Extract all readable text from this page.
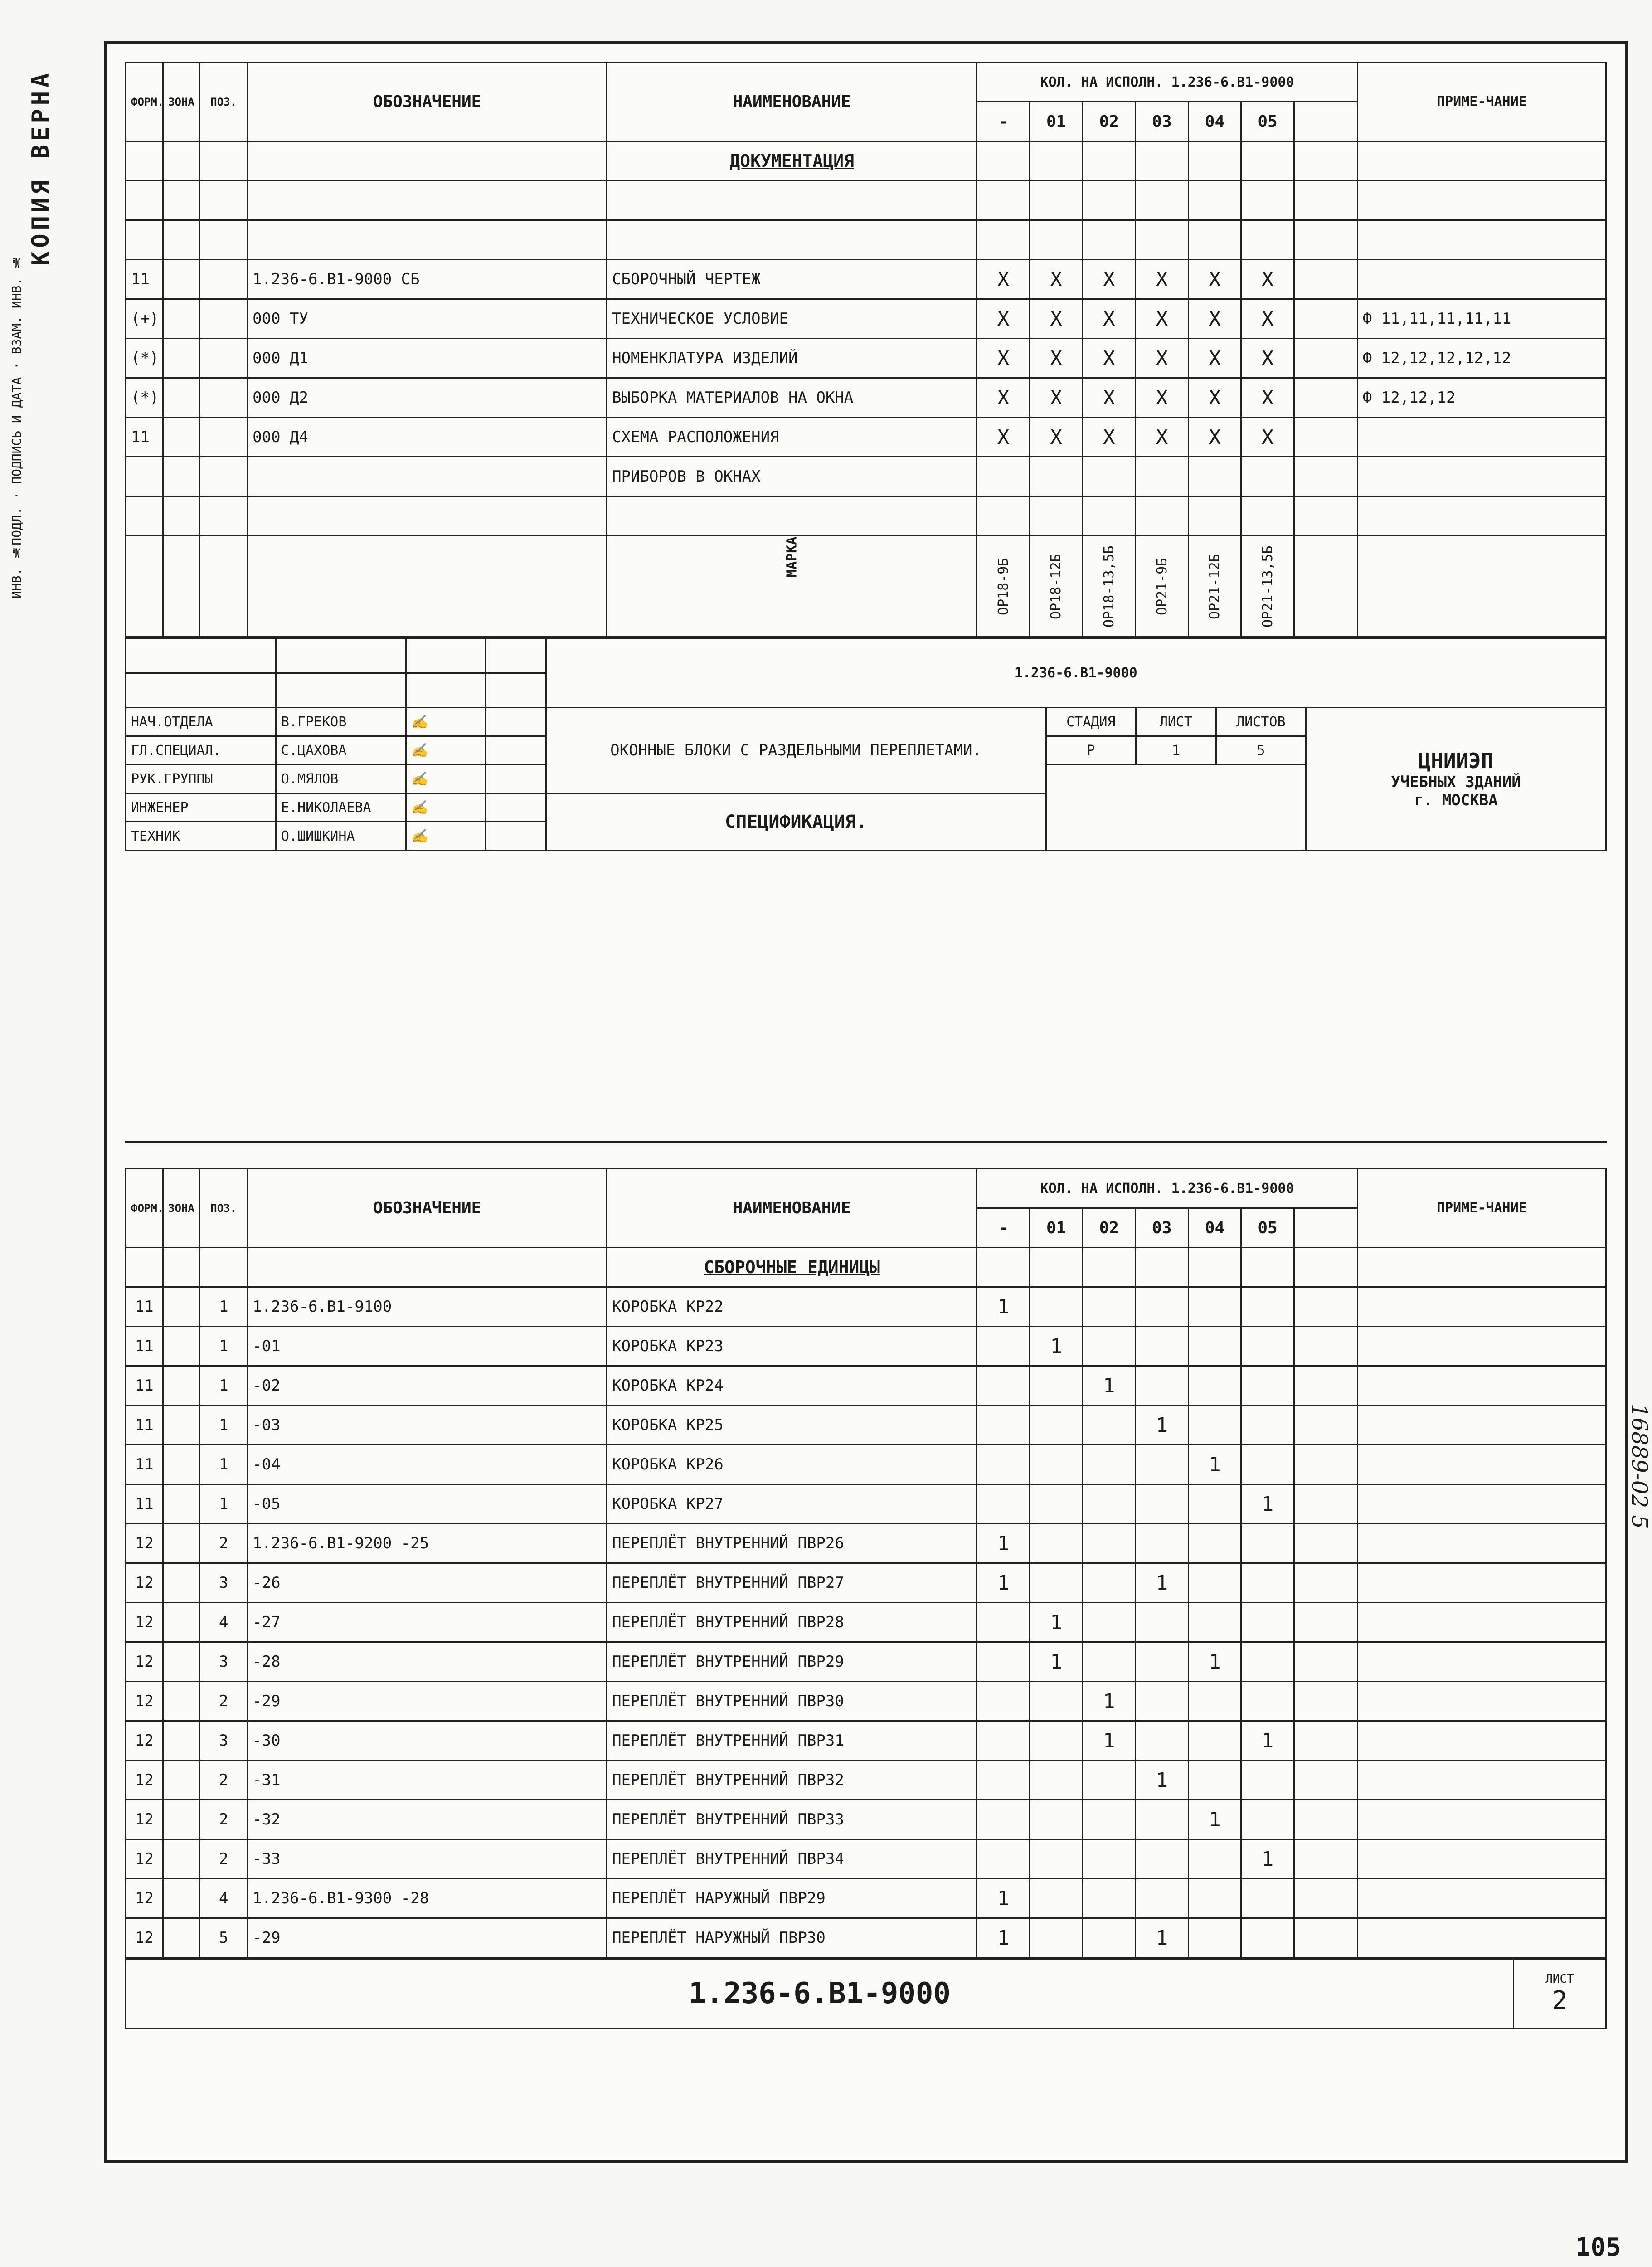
ИНВ. №ПОДЛ. · ПОДПИСЬ И ДАТА · ВЗАМ. ИНВ. №
КОПИЯ ВЕРНА	ФОРМ.	ЗОНА	ПОЗ.	ОБОЗНАЧЕНИЕ	НАИМЕНОВАНИЕ	КОЛ. НА ИСПОЛН. 1.236-6.В1-9000							ПРИМЕ-ЧАНИЕ
					-	01	02	03	04	05		
				ДОКУМЕНТАЦИЯ								

11			1.236-6.В1-9000 СБ	СБОРОЧНЫЙ ЧЕРТЕЖ	X	X	X	X	X	X		
(+)			000 ТУ	ТЕХНИЧЕСКОЕ УСЛОВИЕ	X	X	X	X	X	X		Ф 11,11,11,11,11
(*)			000 Д1	НОМЕНКЛАТУРА ИЗДЕЛИЙ	X	X	X	X	X	X		Ф 12,12,12,12,12
(*)			000 Д2	ВЫБОРКА МАТЕРИАЛОВ НА ОКНА	X	X	X	X	X	X		Ф 12,12,12
11			000 Д4	СХЕМА РАСПОЛОЖЕНИЯ	X	X	X	X	X	X		
				ПРИБОРОВ В ОКНАХ								

				МАРКА	ОР18-9Б	ОР18-12Б	ОР18-13,5Б	ОР21-9Б	ОР21-12Б	ОР21-13,5Б		
				1.236-6.В1-9000				

НАЧ.ОТДЕЛА	В.ГРЕКОВ	✍		ОКОННЫЕ БЛОКИ С РАЗДЕЛЬНЫМИ ПЕРЕПЛЕТАМИ.	СТАДИЯ	ЛИСТ	ЛИСТОВ	ЦНИИЭП
УЧЕБНЫХ ЗДАНИЙ
г. МОСКВА

ГЛ.СПЕЦИАЛ.	С.ЦАХОВА	✍			Р	1	5	
РУК.ГРУППЫ	О.МЯЛОВ	✍						
ИНЖЕНЕР	Е.НИКОЛАЕВА	✍		СПЕЦИФИКАЦИЯ.				
ТЕХНИК	О.ШИШКИНА	✍						
ФОРМ.	ЗОНА	ПОЗ.	ОБОЗНАЧЕНИЕ	НАИМЕНОВАНИЕ	КОЛ. НА ИСПОЛН. 1.236-6.В1-9000							ПРИМЕ-ЧАНИЕ
					-	01	02	03	04	05		
				СБОРОЧНЫЕ ЕДИНИЦЫ								
11		1	1.236-6.В1-9100	КОРОБКА КР22	1							
11		1	-01	КОРОБКА КР23		1						
11		1	-02	КОРОБКА КР24			1					
11		1	-03	КОРОБКА КР25				1				
11		1	-04	КОРОБКА КР26					1			
11		1	-05	КОРОБКА КР27						1		
12		2	1.236-6.В1-9200 -25	ПЕРЕПЛЁТ ВНУТРЕННИЙ ПВР26	1							
12		3	-26	ПЕРЕПЛЁТ ВНУТРЕННИЙ ПВР27	1			1				
12		4	-27	ПЕРЕПЛЁТ ВНУТРЕННИЙ ПВР28		1						
12		3	-28	ПЕРЕПЛЁТ ВНУТРЕННИЙ ПВР29		1			1			
12		2	-29	ПЕРЕПЛЁТ ВНУТРЕННИЙ ПВР30			1					
12		3	-30	ПЕРЕПЛЁТ ВНУТРЕННИЙ ПВР31			1			1		
12		2	-31	ПЕРЕПЛЁТ ВНУТРЕННИЙ ПВР32				1				
12		2	-32	ПЕРЕПЛЁТ ВНУТРЕННИЙ ПВР33					1			
12		2	-33	ПЕРЕПЛЁТ ВНУТРЕННИЙ ПВР34						1		
12		4	1.236-6.В1-9300 -28	ПЕРЕПЛЁТ НАРУЖНЫЙ ПВР29	1							
12		5	-29	ПЕРЕПЛЁТ НАРУЖНЫЙ ПВР30	1			1				
1.236-6.В1-9000	ЛИСТ
2
16889-02 5
105
